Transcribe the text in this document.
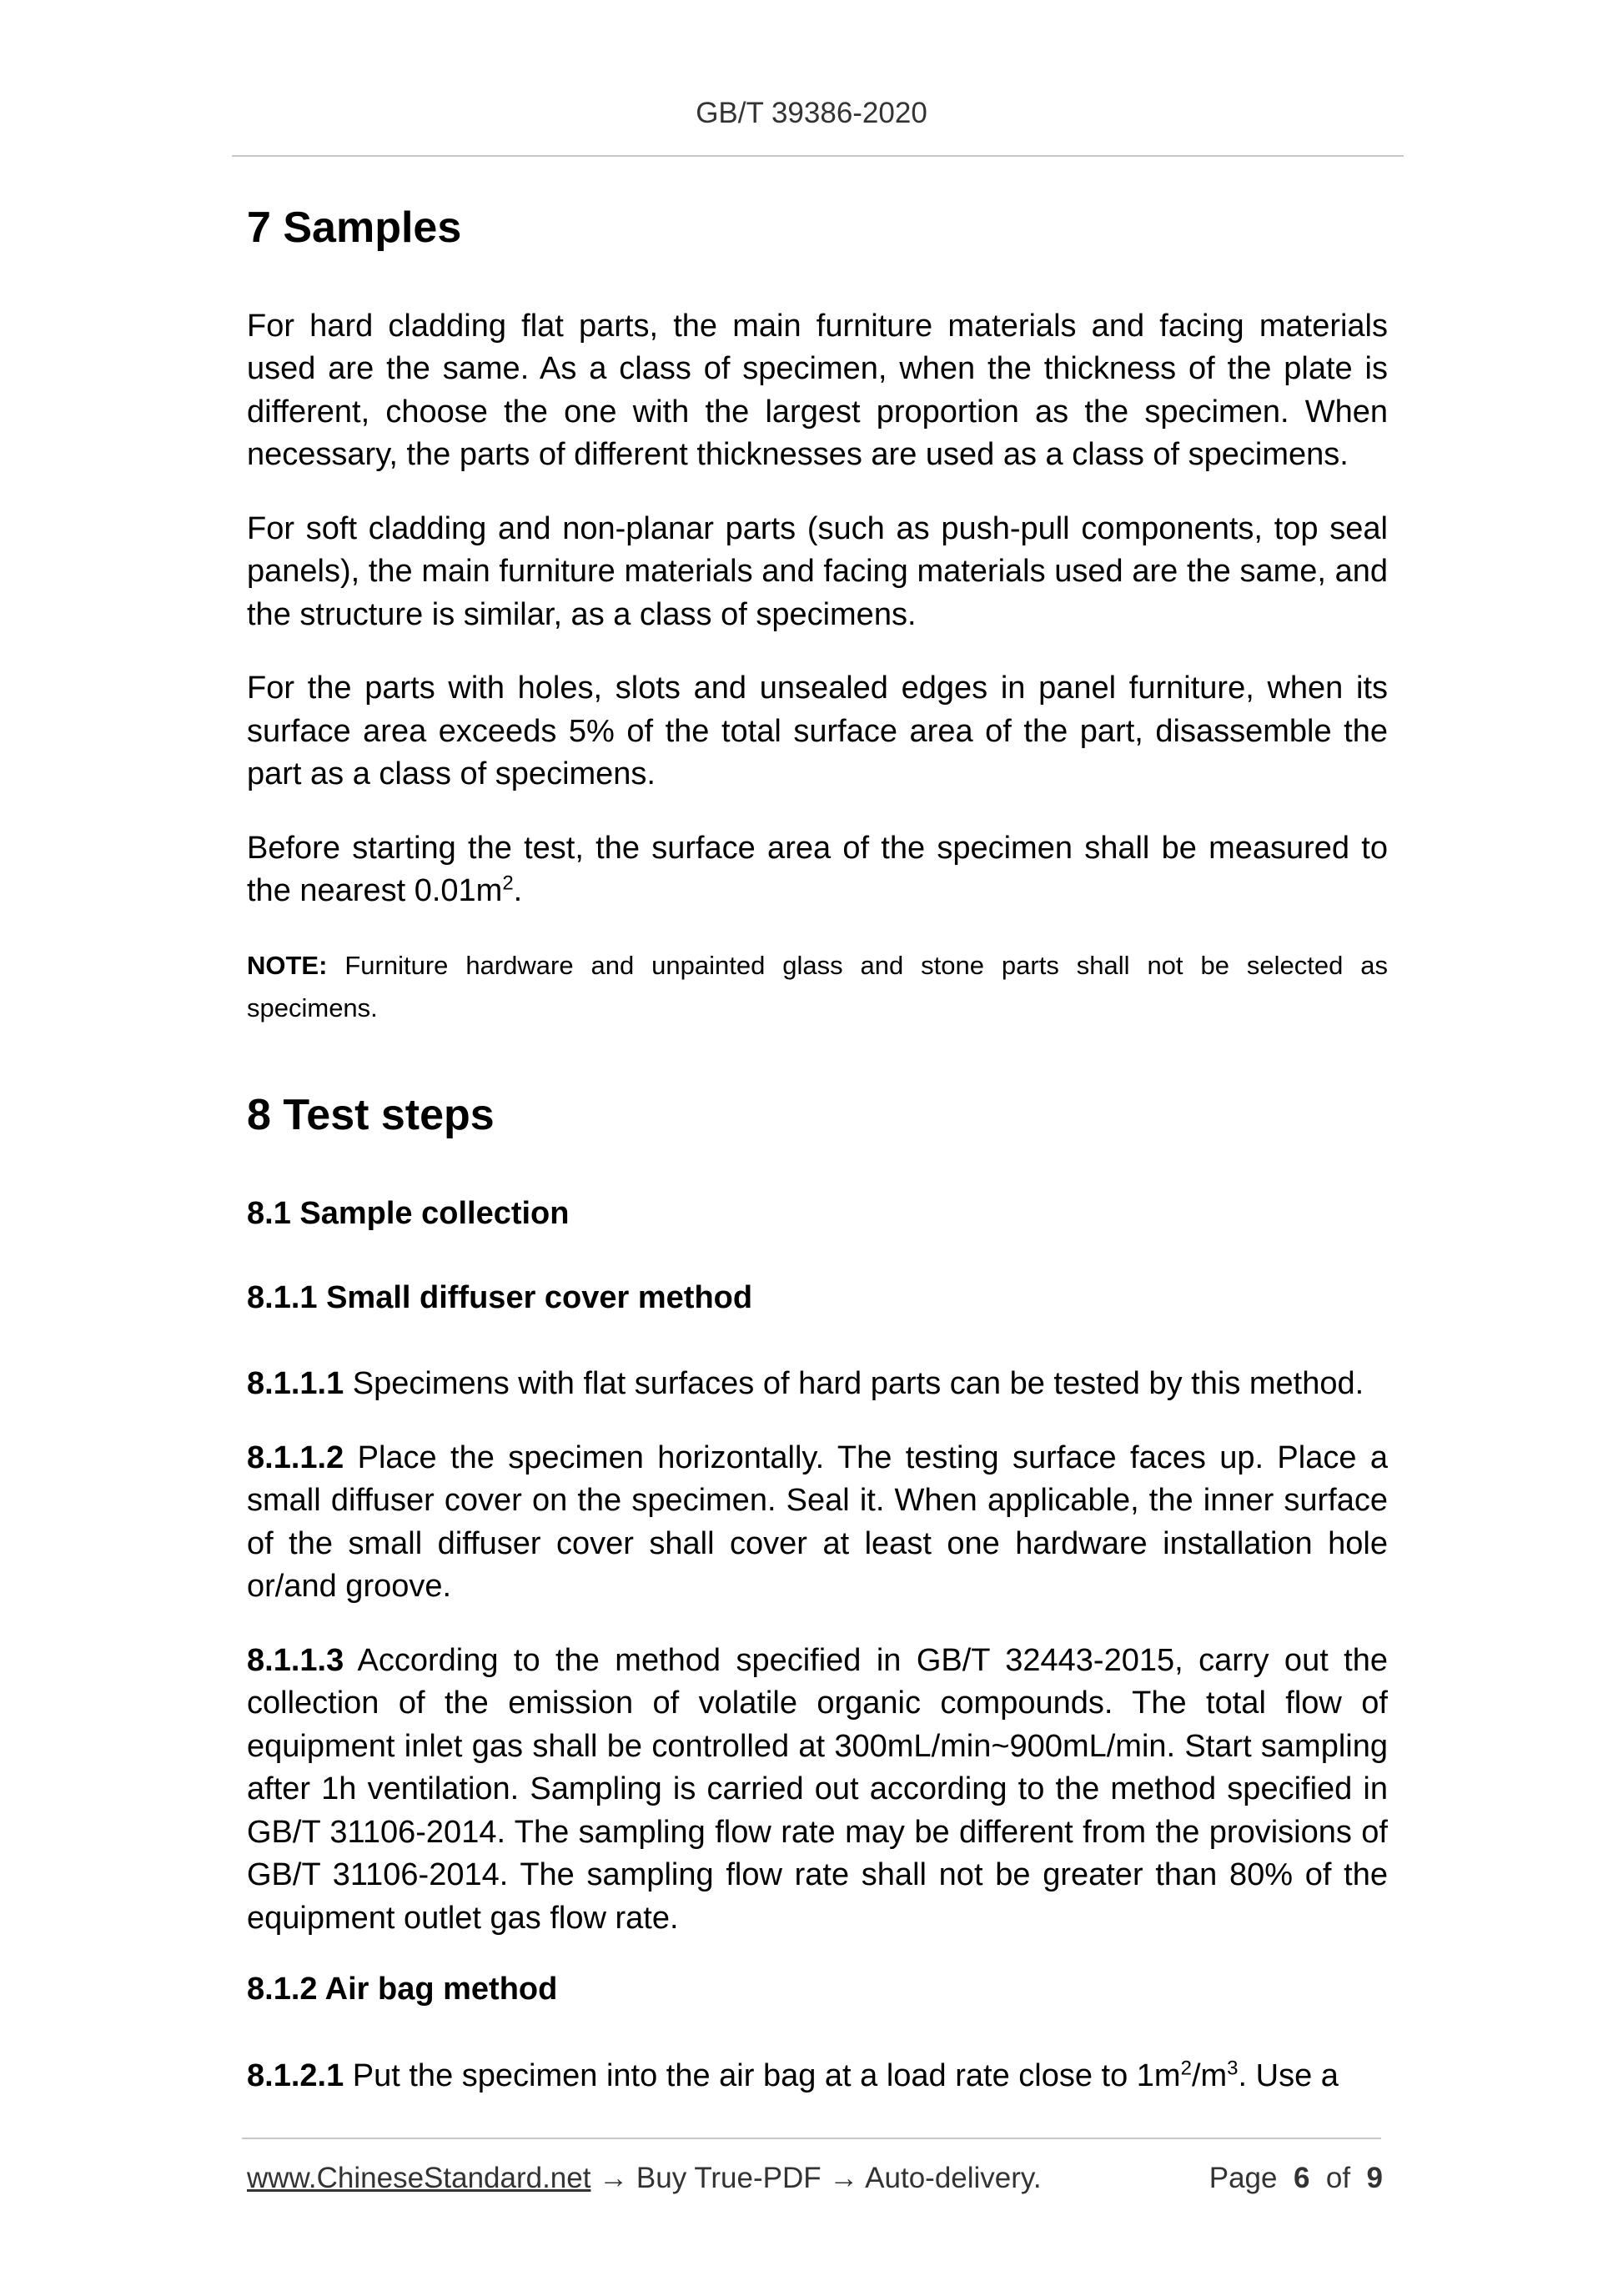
GB/T 39386-2020
7 Samples

For hard cladding flat parts, the main furniture materials and facing materials used are the same. As a class of specimen, when the thickness of the plate is different, choose the one with the largest proportion as the specimen. When necessary, the parts of different thicknesses are used as a class of specimens.

For soft cladding and non-planar parts (such as push-pull components, top seal panels), the main furniture materials and facing materials used are the same, and the structure is similar, as a class of specimens.

For the parts with holes, slots and unsealed edges in panel furniture, when its surface area exceeds 5% of the total surface area of the part, disassemble the part as a class of specimens.

Before starting the test, the surface area of the specimen shall be measured to the nearest $0.01m^2$.

NOTE: Furniture hardware and unpainted glass and stone parts shall not be selected as specimens.

8 Test steps
8.1 Sample collection
8.1.1 Small diffuser cover method

8.1.1.1 Specimens with flat surfaces of hard parts can be tested by this method.

8.1.1.2 Place the specimen horizontally. The testing surface faces up. Place a small diffuser cover on the specimen. Seal it. When applicable, the inner surface of the small diffuser cover shall cover at least one hardware installation hole or/and groove.

8.1.1.3 According to the method specified in GB/T 32443-2015, carry out the collection of the emission of volatile organic compounds. The total flow of equipment inlet gas shall be controlled at 300mL/min~900mL/min. Start sampling after 1h ventilation. Sampling is carried out according to the method specified in GB/T 31106-2014. The sampling flow rate may be different from the provisions of GB/T 31106-2014. The sampling flow rate shall not be greater than 80% of the equipment outlet gas flow rate.

8.1.2 Air bag method

8.1.2.1 Put the specimen into the air bag at a load rate close to $1m^2/m^3$. Use a

www.ChineseStandard.net → Buy True-PDF → Auto-delivery.	Page 6 of 9
